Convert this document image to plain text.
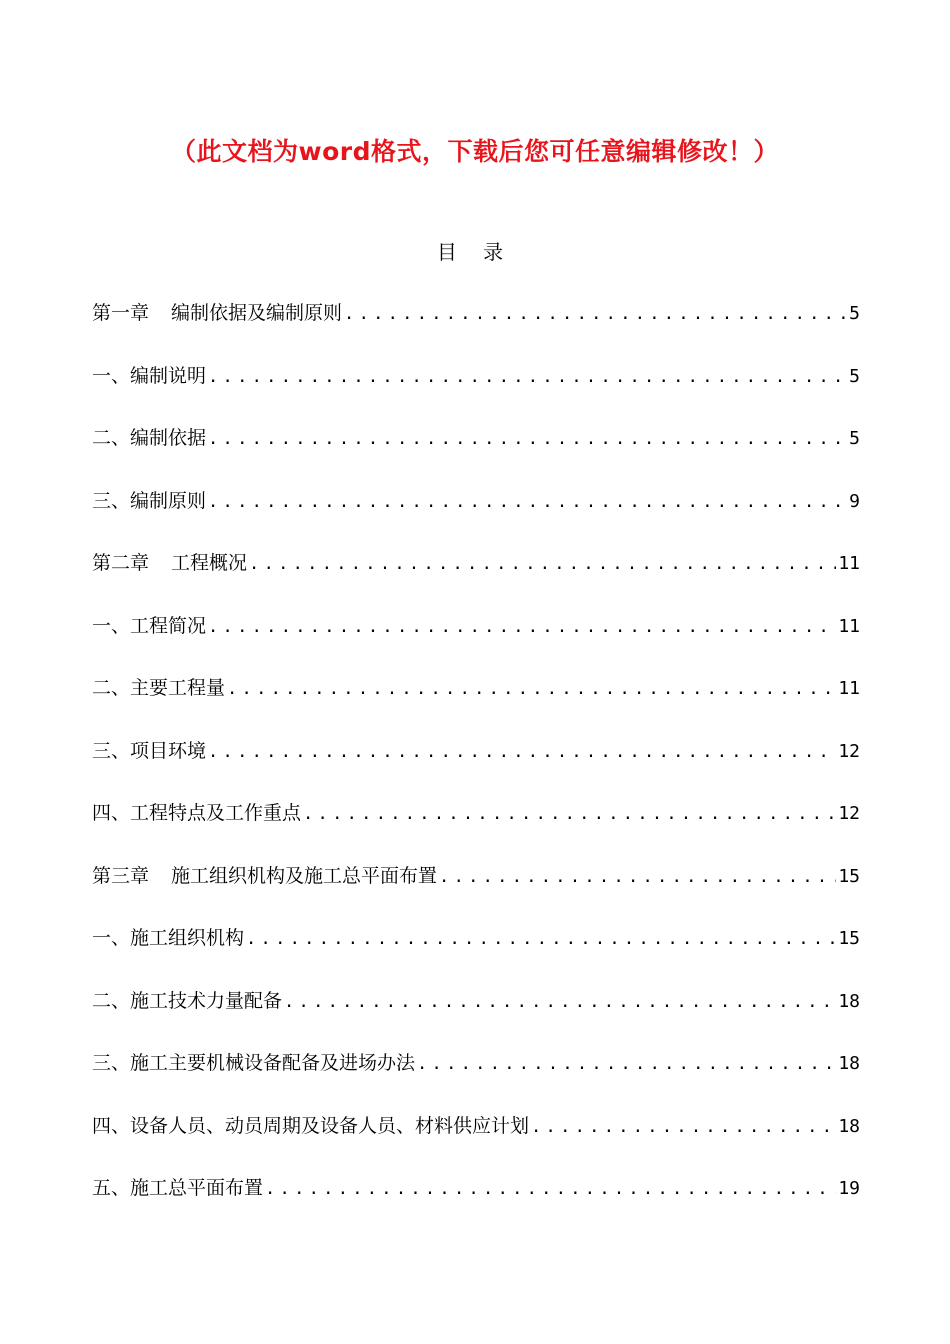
（此文档为word格式，下载后您可任意编辑修改！）
目 录
第一章 编制依据及编制原则 .....	5
一、编制说明 .....	5
二、编制依据 .....	5
三、编制原则 .....	9
第二章 工程概况 .....	11
一、工程简况 .....	11
二、主要工程量 .....	11
三、项目环境 .....	12
四、工程特点及工作重点 .....	12
第三章 施工组织机构及施工总平面布置 .....	15
一、施工组织机构 .....	15
二、施工技术力量配备 .....	18
三、施工主要机械设备配备及进场办法 .....	18
四、设备人员、动员周期及设备人员、材料供应计划 .....	18
五、施工总平面布置 .....	19
